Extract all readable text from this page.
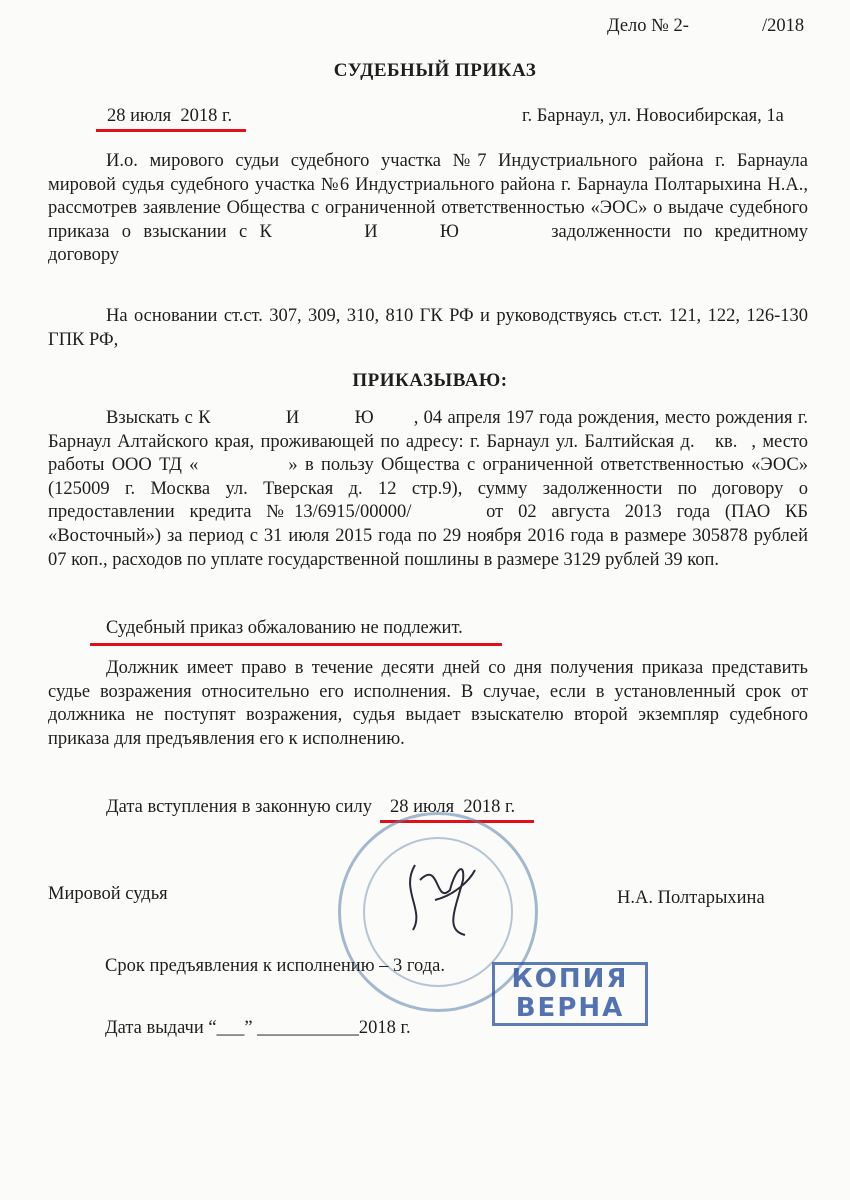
Дело № 2-	/2018
СУДЕБНЫЙ ПРИКАЗ
28 июля  2018 г.	г. Барнаул, ул. Новосибирская, 1а
И.о. мирового судьи судебного участка №7 Индустриального района г. Барнаула мировой судья судебного участка №6 Индустриального района г. Барнаула Полтарыхина Н.А., рассмотрев заявление Общества с ограниченной ответственностью «ЭОС» о выдаче судебного приказа о взыскании с К	И	Ю	задолженности по кредитному договору
На основании ст.ст. 307, 309, 310, 810 ГК РФ и руководствуясь ст.ст. 121, 122, 126-130 ГПК РФ,
ПРИКАЗЫВАЮ:
Взыскать с К	И	Ю , 04 апреля 197 года рождения, место рождения г. Барнаул Алтайского края, проживающей по адресу: г. Барнаул ул. Балтийская д. кв. , место работы ООО ТД «	» в пользу Общества с ограниченной ответственностью «ЭОС» (125009 г. Москва ул. Тверская д. 12 стр.9), сумму задолженности по договору о предоставлении кредита №13/6915/00000/	от 02 августа 2013 года (ПАО КБ «Восточный») за период с 31 июля 2015 года по 29 ноября 2016 года в размере 305878 рублей 07 коп., расходов по уплате государственной пошлины в размере 3129 рублей 39 коп.
Судебный приказ обжалованию не подлежит.
Должник имеет право в течение десяти дней со дня получения приказа представить судье возражения относительно его исполнения. В случае, если в установленный срок от должника не поступят возражения, судья выдает взыскателю второй экземпляр судебного приказа для предъявления его к исполнению.
Дата вступления в законную силу 28 июля  2018 г.
Мировой судья	Н.А. Полтарыхина
Срок предъявления к исполнению – 3 года.	КОПИЯ
ВЕРНА
Дата выдачи “___” ___________2018 г.
